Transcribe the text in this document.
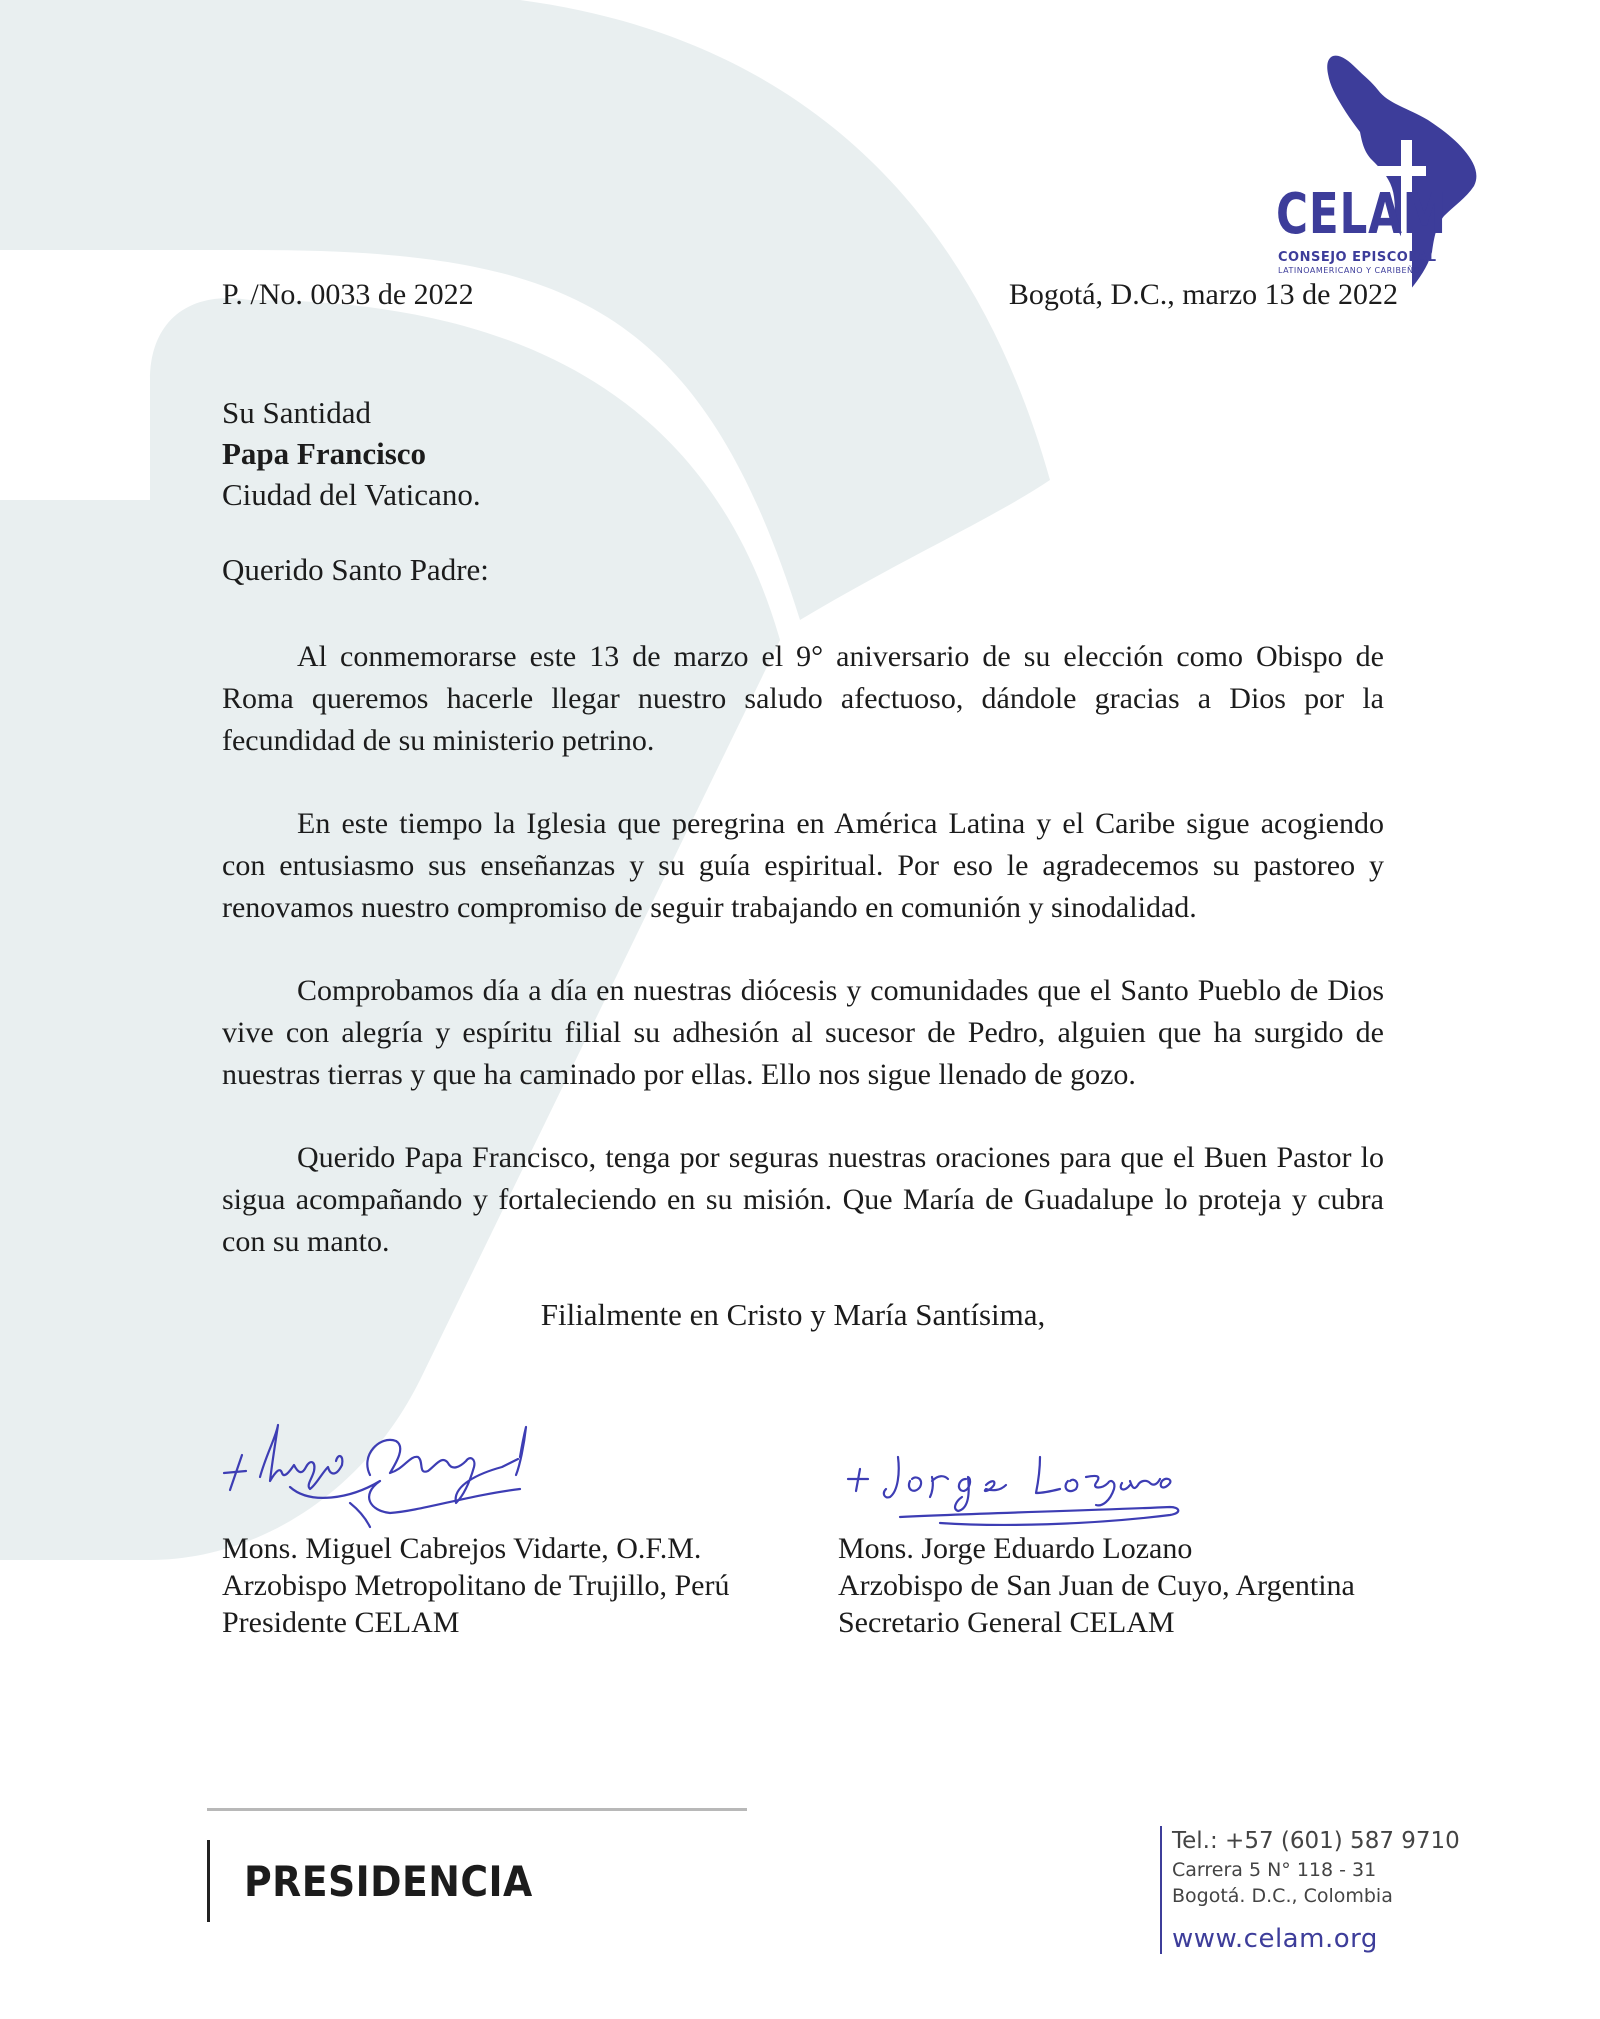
CELAM
CONSEJO EPISCOPAL
LATINOAMERICANO Y CARIBEÑO
P. /No. 0033 de 2022	Bogotá, D.C., marzo 13 de 2022
Su Santidad
Papa Francisco
Ciudad del Vaticano.
Querido Santo Padre:
Al conmemorarse este 13 de marzo el 9° aniversario de su elección como Obispo de Roma queremos hacerle llegar nuestro saludo afectuoso, dándole gracias a Dios por la fecundidad de su ministerio petrino.
En este tiempo la Iglesia que peregrina en América Latina y el Caribe sigue acogiendo con entusiasmo sus enseñanzas y su guía espiritual. Por eso le agradecemos su pastoreo y renovamos nuestro compromiso de seguir trabajando en comunión y sinodalidad.
Comprobamos día a día en nuestras diócesis y comunidades que el Santo Pueblo de Dios vive con alegría y espíritu filial su adhesión al sucesor de Pedro, alguien que ha surgido de nuestras tierras y que ha caminado por ellas. Ello nos sigue llenado de gozo.
Querido Papa Francisco, tenga por seguras nuestras oraciones para que el Buen Pastor lo sigua acompañando y fortaleciendo en su misión. Que María de Guadalupe lo proteja y cubra con su manto.
Filialmente en Cristo y María Santísima,
Mons. Miguel Cabrejos Vidarte, O.F.M.
Arzobispo Metropolitano de Trujillo, Perú
Presidente CELAM
Mons. Jorge Eduardo Lozano
Arzobispo de San Juan de Cuyo, Argentina
Secretario General CELAM
PRESIDENCIA
Tel.: +57 (601) 587 9710
Carrera 5 N° 118 - 31
Bogotá. D.C., Colombia
www.celam.org
